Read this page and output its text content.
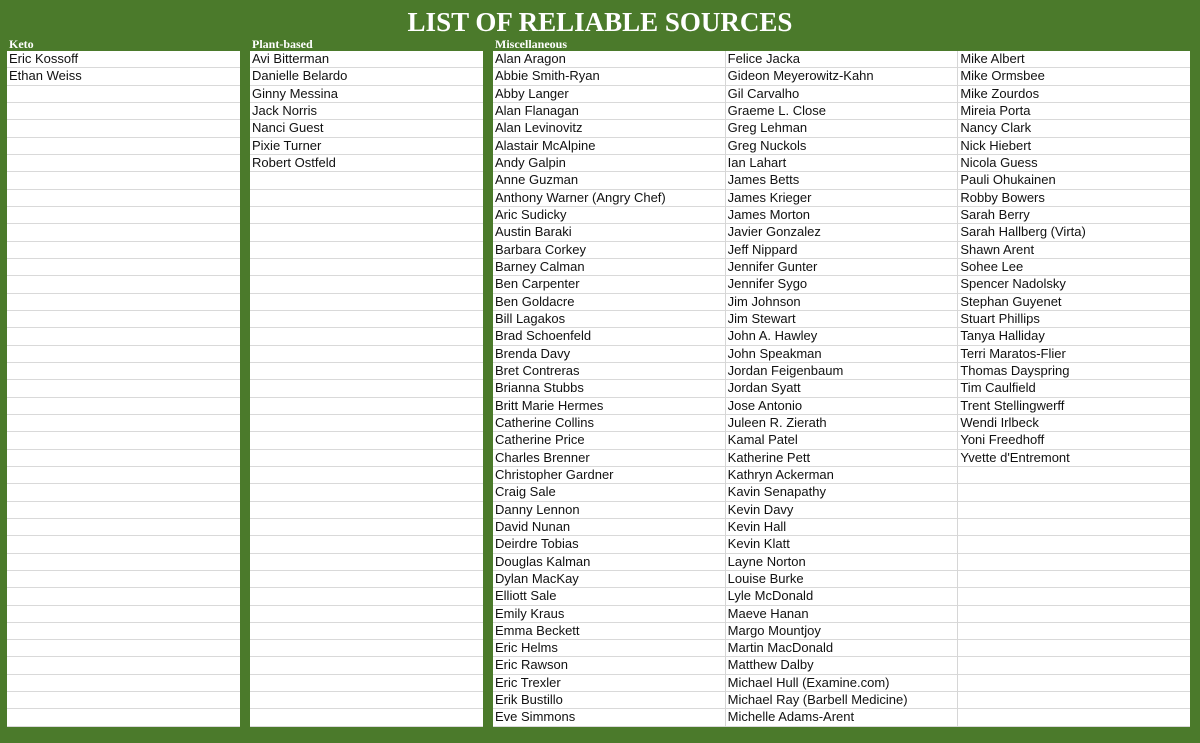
LIST OF RELIABLE SOURCES
Keto	Plant-based	Miscellaneous
Eric Kossoff
Ethan Weiss
Avi Bitterman
Danielle Belardo
Ginny Messina
Jack Norris
Nanci Guest
Pixie Turner
Robert Ostfeld
Alan Aragon
Abbie Smith-Ryan
Abby Langer
Alan Flanagan
Alan Levinovitz
Alastair McAlpine
Andy Galpin
Anne Guzman
Anthony Warner (Angry Chef)
Aric Sudicky
Austin Baraki
Barbara Corkey
Barney Calman
Ben Carpenter
Ben Goldacre
Bill Lagakos
Brad Schoenfeld
Brenda Davy
Bret Contreras
Brianna Stubbs
Britt Marie Hermes
Catherine Collins
Catherine Price
Charles Brenner
Christopher Gardner
Craig Sale
Danny Lennon
David Nunan
Deirdre Tobias
Douglas Kalman
Dylan MacKay
Elliott Sale
Emily Kraus
Emma Beckett
Eric Helms
Eric Rawson
Eric Trexler
Erik Bustillo
Eve Simmons
Felice Jacka
Gideon Meyerowitz-Kahn
Gil Carvalho
Graeme L. Close
Greg Lehman
Greg Nuckols
Ian Lahart
James Betts
James Krieger
James Morton
Javier Gonzalez
Jeff Nippard
Jennifer Gunter
Jennifer Sygo
Jim Johnson
Jim Stewart
John A. Hawley
John Speakman
Jordan Feigenbaum
Jordan Syatt
Jose Antonio
Juleen R. Zierath
Kamal Patel
Katherine Pett
Kathryn Ackerman
Kavin Senapathy
Kevin Davy
Kevin Hall
Kevin Klatt
Layne Norton
Louise Burke
Lyle McDonald
Maeve Hanan
Margo Mountjoy
Martin MacDonald
Matthew Dalby
Michael Hull (Examine.com)
Michael Ray (Barbell Medicine)
Michelle Adams-Arent
Mike Albert
Mike Ormsbee
Mike Zourdos
Mireia Porta
Nancy Clark
Nick Hiebert
Nicola Guess
Pauli Ohukainen
Robby Bowers
Sarah Berry
Sarah Hallberg (Virta)
Shawn Arent
Sohee Lee
Spencer Nadolsky
Stephan Guyenet
Stuart Phillips
Tanya Halliday
Terri Maratos-Flier
Thomas Dayspring
Tim Caulfield
Trent Stellingwerff
Wendi Irlbeck
Yoni Freedhoff
Yvette d'Entremont
